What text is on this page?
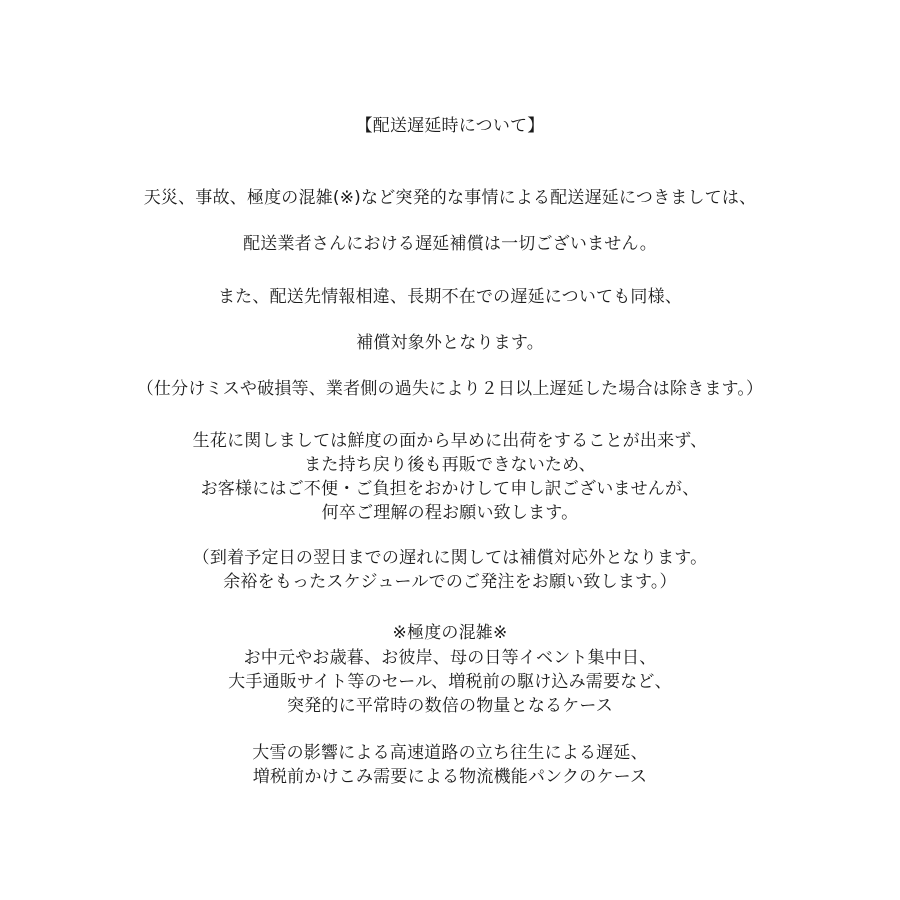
【配送遅延時について】
天災、事故、極度の混雑(※)など突発的な事情による配送遅延につきましては、
配送業者さんにおける遅延補償は一切ございません。
また、配送先情報相違、長期不在での遅延についても同様、
補償対象外となります。
（仕分けミスや破損等、業者側の過失により２日以上遅延した場合は除きます。）
生花に関しましては鮮度の面から早めに出荷をすることが出来ず、
また持ち戻り後も再販できないため、
お客様にはご不便・ご負担をおかけして申し訳ございませんが、
何卒ご理解の程お願い致します。
（到着予定日の翌日までの遅れに関しては補償対応外となります。
余裕をもったスケジュールでのご発注をお願い致します。）
※極度の混雑※
お中元やお歳暮、お彼岸、母の日等イベント集中日、
大手通販サイト等のセール、増税前の駆け込み需要など、
突発的に平常時の数倍の物量となるケース
大雪の影響による高速道路の立ち往生による遅延、
増税前かけこみ需要による物流機能パンクのケース
